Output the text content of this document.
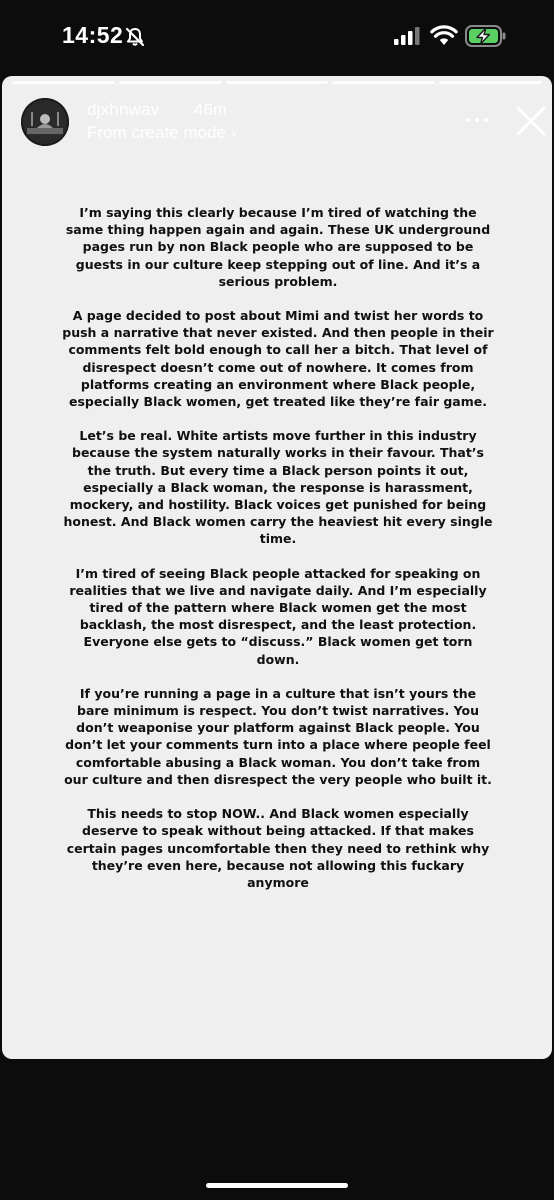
14:52
djxhnwav 46m
From create mode ›

I’m saying this clearly because I’m tired of watching the same thing happen again and again. These UK underground pages run by non Black people who are supposed to be guests in our culture keep stepping out of line. And it’s a serious problem.

A page decided to post about Mimi and twist her words to push a narrative that never existed. And then people in their comments felt bold enough to call her a bitch. That level of disrespect doesn’t come out of nowhere. It comes from platforms creating an environment where Black people, especially Black women, get treated like they’re fair game.

Let’s be real. White artists move further in this industry because the system naturally works in their favour. That’s the truth. But every time a Black person points it out, especially a Black woman, the response is harassment, mockery, and hostility. Black voices get punished for being honest. And Black women carry the heaviest hit every single time.

I’m tired of seeing Black people attacked for speaking on realities that we live and navigate daily. And I’m especially tired of the pattern where Black women get the most backlash, the most disrespect, and the least protection. Everyone else gets to “discuss.” Black women get torn down.

If you’re running a page in a culture that isn’t yours the bare minimum is respect. You don’t twist narratives. You don’t weaponise your platform against Black people. You don’t let your comments turn into a place where people feel comfortable abusing a Black woman. You don’t take from our culture and then disrespect the very people who built it.

This needs to stop NOW.. And Black women especially deserve to speak without being attacked. If that makes certain pages uncomfortable then they need to rethink why they’re even here, because not allowing this fuckary anymore
